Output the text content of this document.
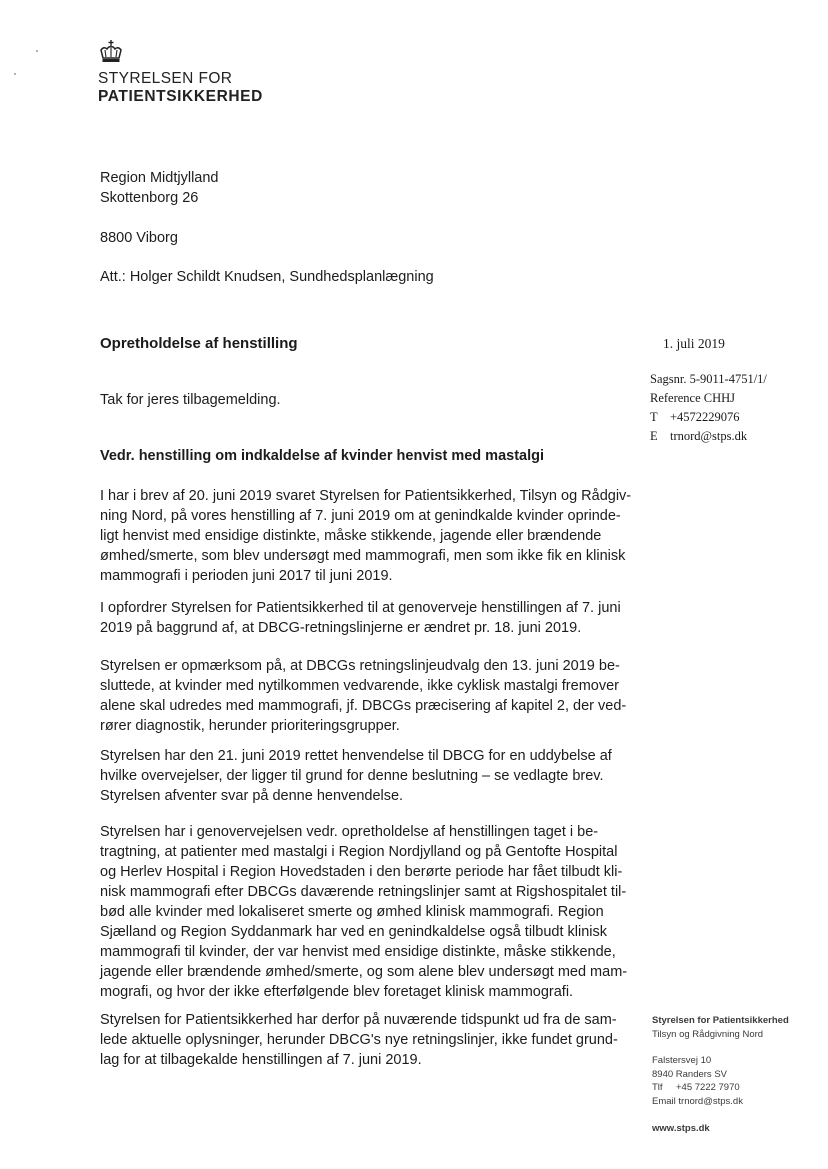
STYRELSEN FOR
PATIENTSIKKERHED
Region Midtjylland
Skottenborg 26
8800 Viborg
Att.: Holger Schildt Knudsen, Sundhedsplanlægning
Opretholdelse af henstilling	1. juli 2019
Sagsnr. 5-9011-4751/1/
Reference CHHJ
T +4572229076
E trnord@stps.dk
Tak for jeres tilbagemelding.
Vedr. henstilling om indkaldelse af kvinder henvist med mastalgi
I har i brev af 20. juni 2019 svaret Styrelsen for Patientsikkerhed, Tilsyn og Rådgiv-
ning Nord, på vores henstilling af 7. juni 2019 om at genindkalde kvinder oprinde-
ligt henvist med ensidige distinkte, måske stikkende, jagende eller brændende
ømhed/smerte, som blev undersøgt med mammografi, men som ikke fik en klinisk
mammografi i perioden juni 2017 til juni 2019.
I opfordrer Styrelsen for Patientsikkerhed til at genoverveje henstillingen af 7. juni
2019 på baggrund af, at DBCG-retningslinjerne er ændret pr. 18. juni 2019.
Styrelsen er opmærksom på, at DBCGs retningslinjeudvalg den 13. juni 2019 be-
sluttede, at kvinder med nytilkommen vedvarende, ikke cyklisk mastalgi fremover
alene skal udredes med mammografi, jf. DBCGs præcisering af kapitel 2, der ved-
rører diagnostik, herunder prioriteringsgrupper.
Styrelsen har den 21. juni 2019 rettet henvendelse til DBCG for en uddybelse af
hvilke overvejelser, der ligger til grund for denne beslutning – se vedlagte brev.
Styrelsen afventer svar på denne henvendelse.
Styrelsen har i genovervejelsen vedr. opretholdelse af henstillingen taget i be-
tragtning, at patienter med mastalgi i Region Nordjylland og på Gentofte Hospital
og Herlev Hospital i Region Hovedstaden i den berørte periode har fået tilbudt kli-
nisk mammografi efter DBCGs daværende retningslinjer samt at Rigshospitalet til-
bød alle kvinder med lokaliseret smerte og ømhed klinisk mammografi. Region
Sjælland og Region Syddanmark har ved en genindkaldelse også tilbudt klinisk
mammografi til kvinder, der var henvist med ensidige distinkte, måske stikkende,
jagende eller brændende ømhed/smerte, og som alene blev undersøgt med mam-
mografi, og hvor der ikke efterfølgende blev foretaget klinisk mammografi.
Styrelsen for Patientsikkerhed har derfor på nuværende tidspunkt ud fra de sam-
lede aktuelle oplysninger, herunder DBCG's nye retningslinjer, ikke fundet grund-
lag for at tilbagekalde henstillingen af 7. juni 2019.
Styrelsen for Patientsikkerhed
Tilsyn og Rådgivning Nord
Falstersvej 10
8940 Randers SV
Tlf +45 7222 7970
Email trnord@stps.dk
www.stps.dk
